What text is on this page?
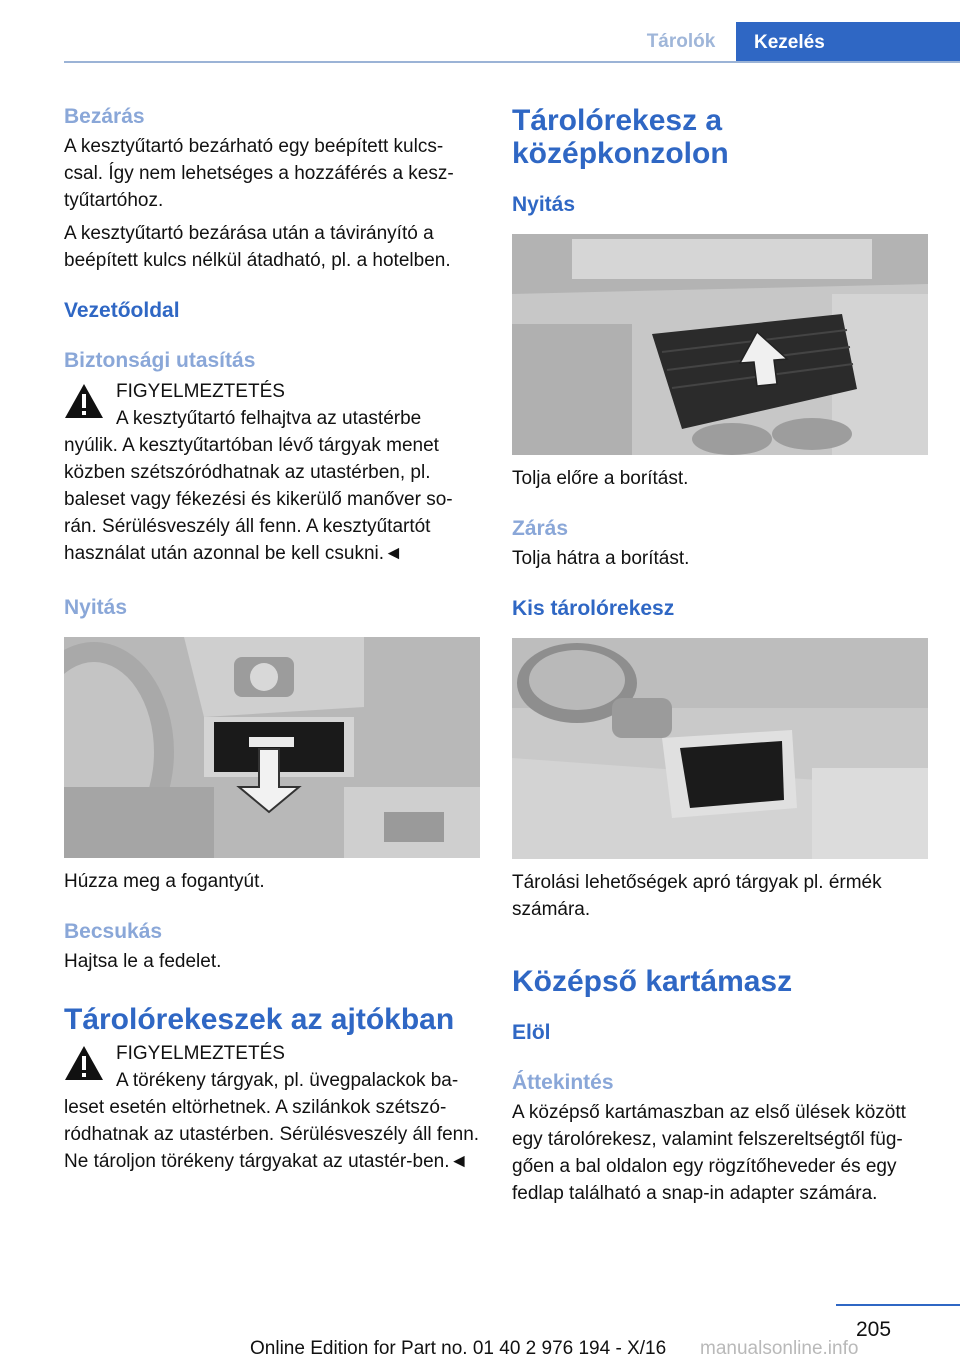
Tárolók	Kezelés
Bezárás

A kesztyűtartó bezárható egy beépített kulcs-csal. Így nem lehetséges a hozzáférés a kesz-tyűtartóhoz.

A kesztyűtartó bezárása után a távirányító a beépített kulcs nélkül átadható, pl. a hotelben.

Vezetőoldal
Biztonsági utasítás
FIGYELMEZTETÉS
A kesztyűtartó felhajtva az utastérbe nyúlik. A kesztyűtartóban lévő tárgyak menet közben szétszóródhatnak az utastérben, pl. baleset vagy fékezési és kikerülő manőver so-rán. Sérülésveszély áll fenn. A kesztyűtartót használat után azonnal be kell csukni.◄
Nyitás

Húzza meg a fogantyút.

Becsukás

Hajtsa le a fedelet.

Tárolórekeszek az ajtókban
FIGYELMEZTETÉS
A törékeny tárgyak, pl. üvegpalackok ba-leset esetén eltörhetnek. A szilánkok szétszó-ródhatnak az utastérben. Sérülésveszély áll fenn. Ne tároljon törékeny tárgyakat az utastér-ben.◄
Tárolórekesz a középkonzolon
Nyitás

Tolja előre a borítást.

Zárás

Tolja hátra a borítást.

Kis tárolórekesz

Tárolási lehetőségek apró tárgyak pl. érmék számára.

Középső kartámasz
Elöl
Áttekintés

A középső kartámaszban az első ülések között egy tárolórekesz, valamint felszereltségtől füg-gően a bal oldalon egy rögzítőheveder és egy fedlap található a snap-in adapter számára.

205
Online Edition for Part no. 01 40 2 976 194 - X/16 manualsonline.info
